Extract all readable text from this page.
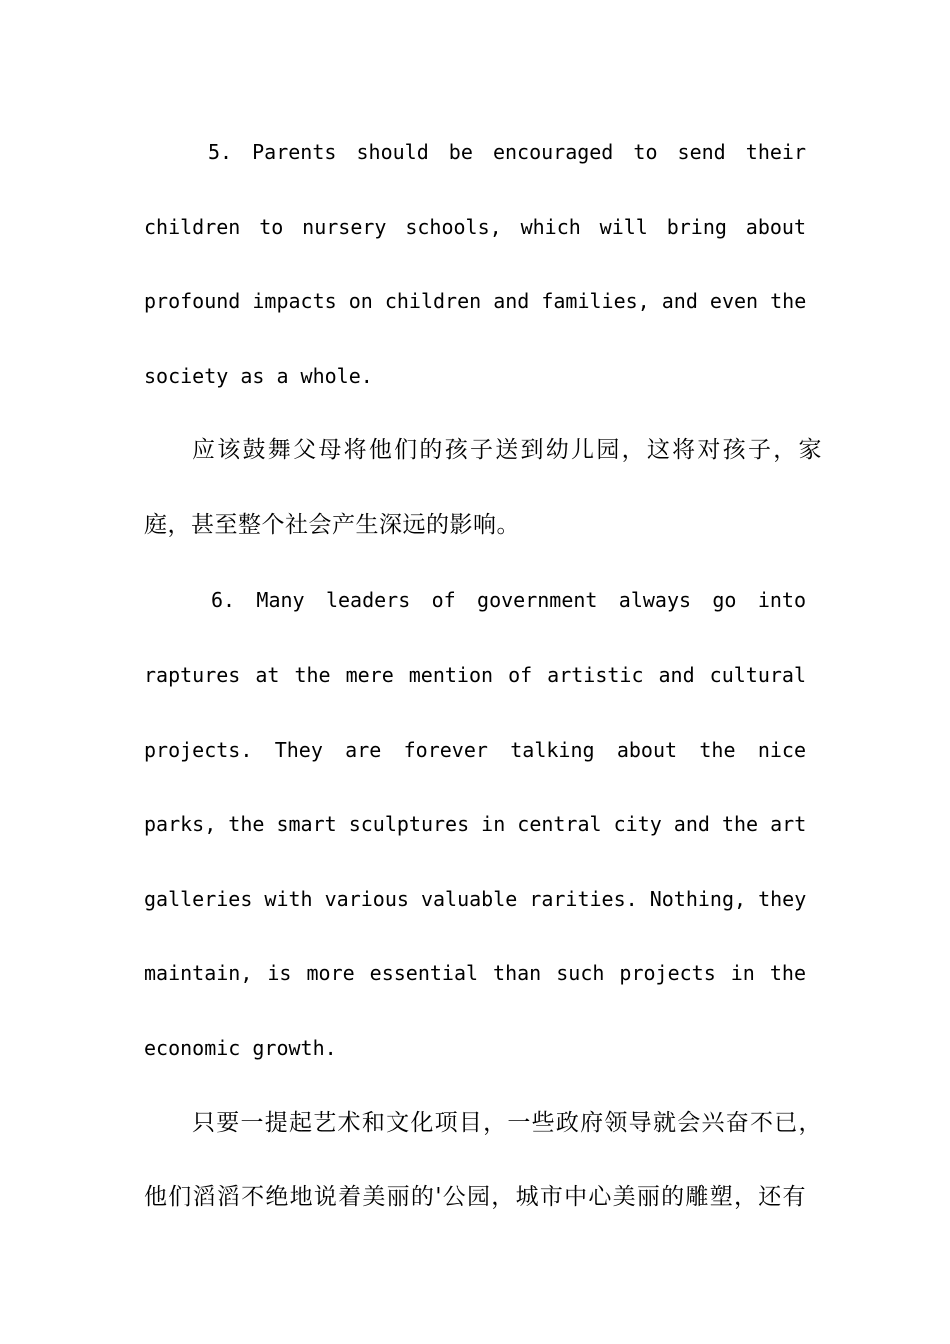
5. Parents should be encouraged to send their
children to nursery schools, which will bring about
profound impacts on children and families, and even the
society as a whole.
应该鼓舞父母将他们的孩子送到幼儿园，这将对孩子，家
庭，甚至整个社会产生深远的影响。
6. Many leaders of government always go into
raptures at the mere mention of artistic and cultural
projects. They are forever talking about the nice
parks, the smart sculptures in central city and the art
galleries with various valuable rarities. Nothing, they
maintain, is more essential than such projects in the
economic growth.
只要一提起艺术和文化项目，一些政府领导就会兴奋不已，
他们滔滔不绝地说着美丽的'公园，城市中心美丽的雕塑，还有
